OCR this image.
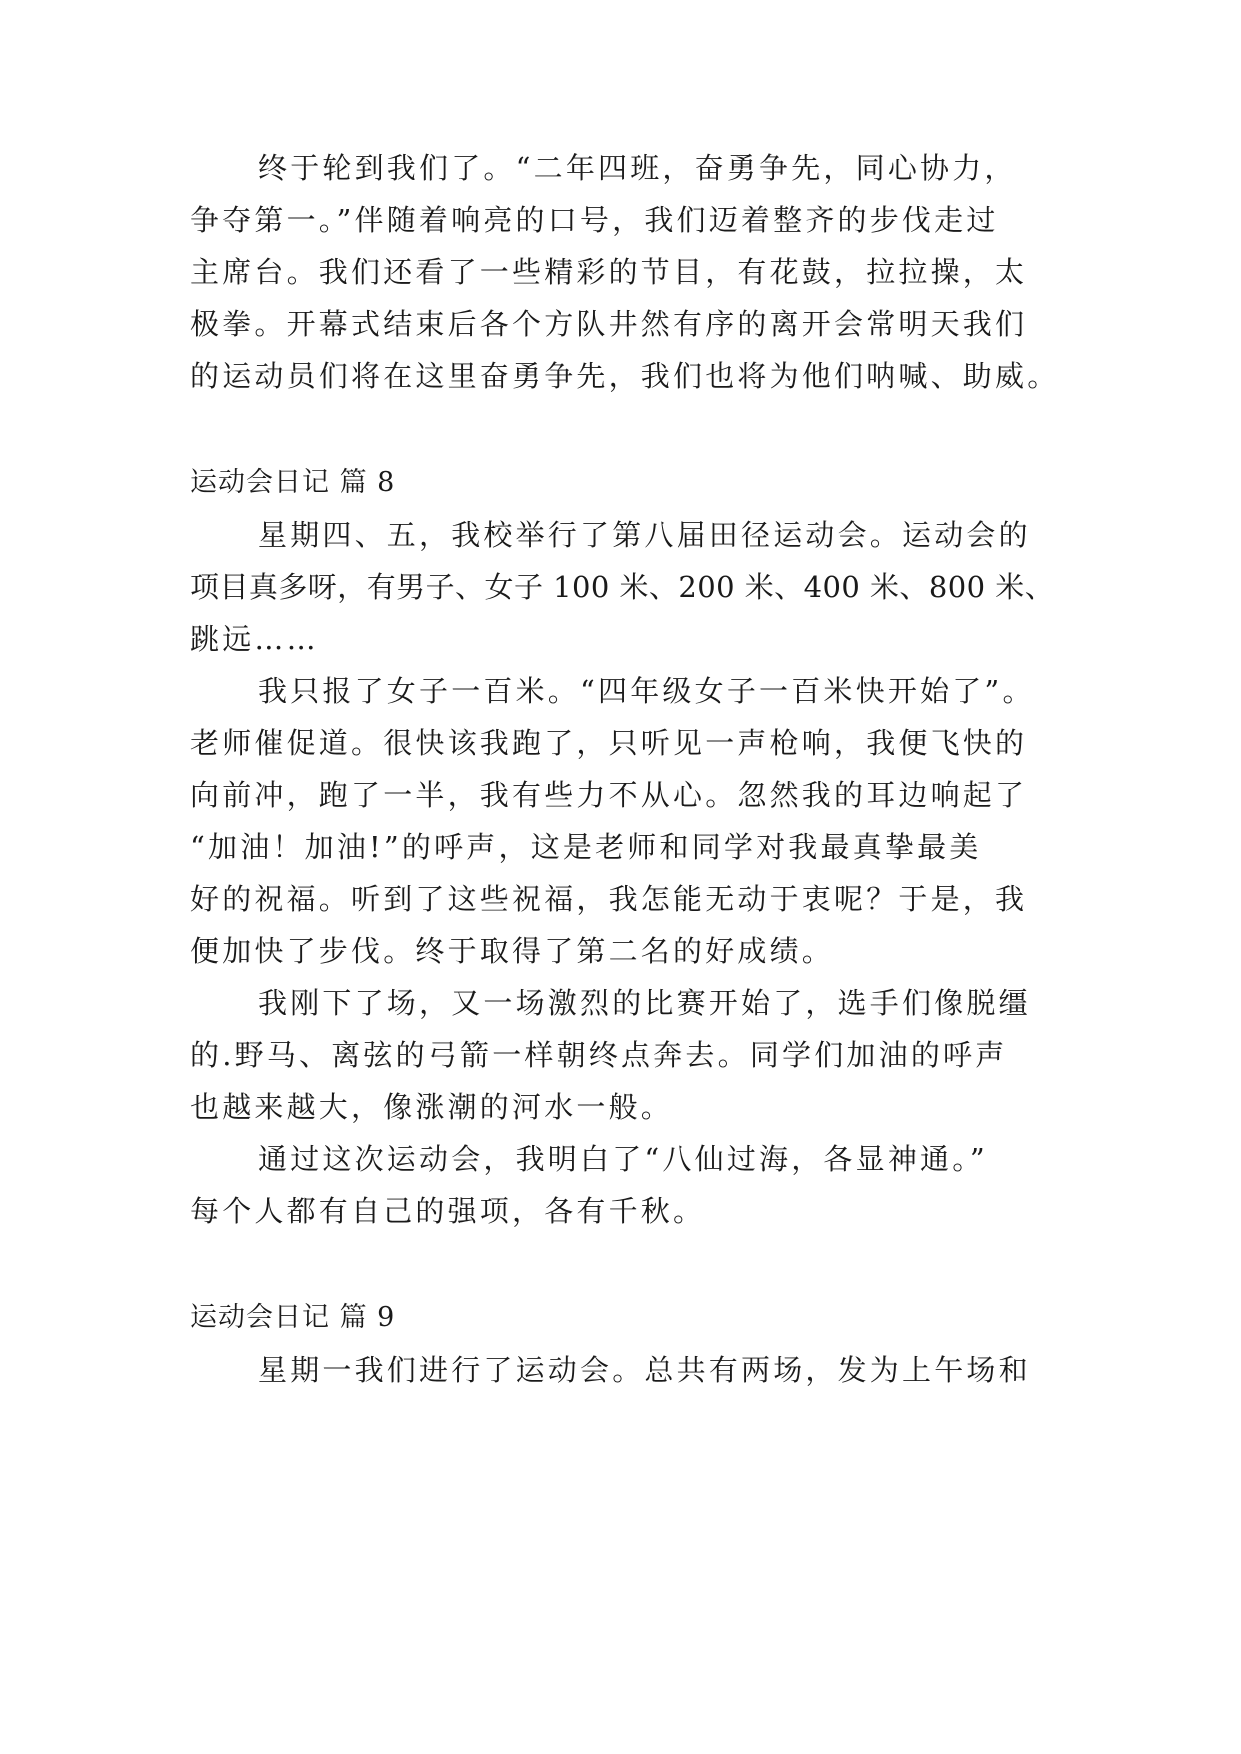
终于轮到我们了。“二年四班，奋勇争先，同心协力，
争夺第一。”伴随着响亮的口号，我们迈着整齐的步伐走过
主席台。我们还看了一些精彩的节目，有花鼓，拉拉操，太
极拳。开幕式结束后各个方队井然有序的离开会常明天我们
的运动员们将在这里奋勇争先，我们也将为他们呐喊、助威。
运动会日记 篇 8
星期四、五，我校举行了第八届田径运动会。运动会的
项目真多呀，有男子、女子 100 米、200 米、400 米、800 米、
跳远……
我只报了女子一百米。“四年级女子一百米快开始了”。
老师催促道。很快该我跑了，只听见一声枪响，我便飞快的
向前冲，跑了一半，我有些力不从心。忽然我的耳边响起了
“加油！加油!”的呼声，这是老师和同学对我最真挚最美
好的祝福。听到了这些祝福，我怎能无动于衷呢？于是，我
便加快了步伐。终于取得了第二名的好成绩。
我刚下了场，又一场激烈的比赛开始了，选手们像脱缰
的.野马、离弦的弓箭一样朝终点奔去。同学们加油的呼声
也越来越大，像涨潮的河水一般。
通过这次运动会，我明白了“八仙过海，各显神通。”
每个人都有自己的强项，各有千秋。
运动会日记 篇 9
星期一我们进行了运动会。总共有两场，发为上午场和
